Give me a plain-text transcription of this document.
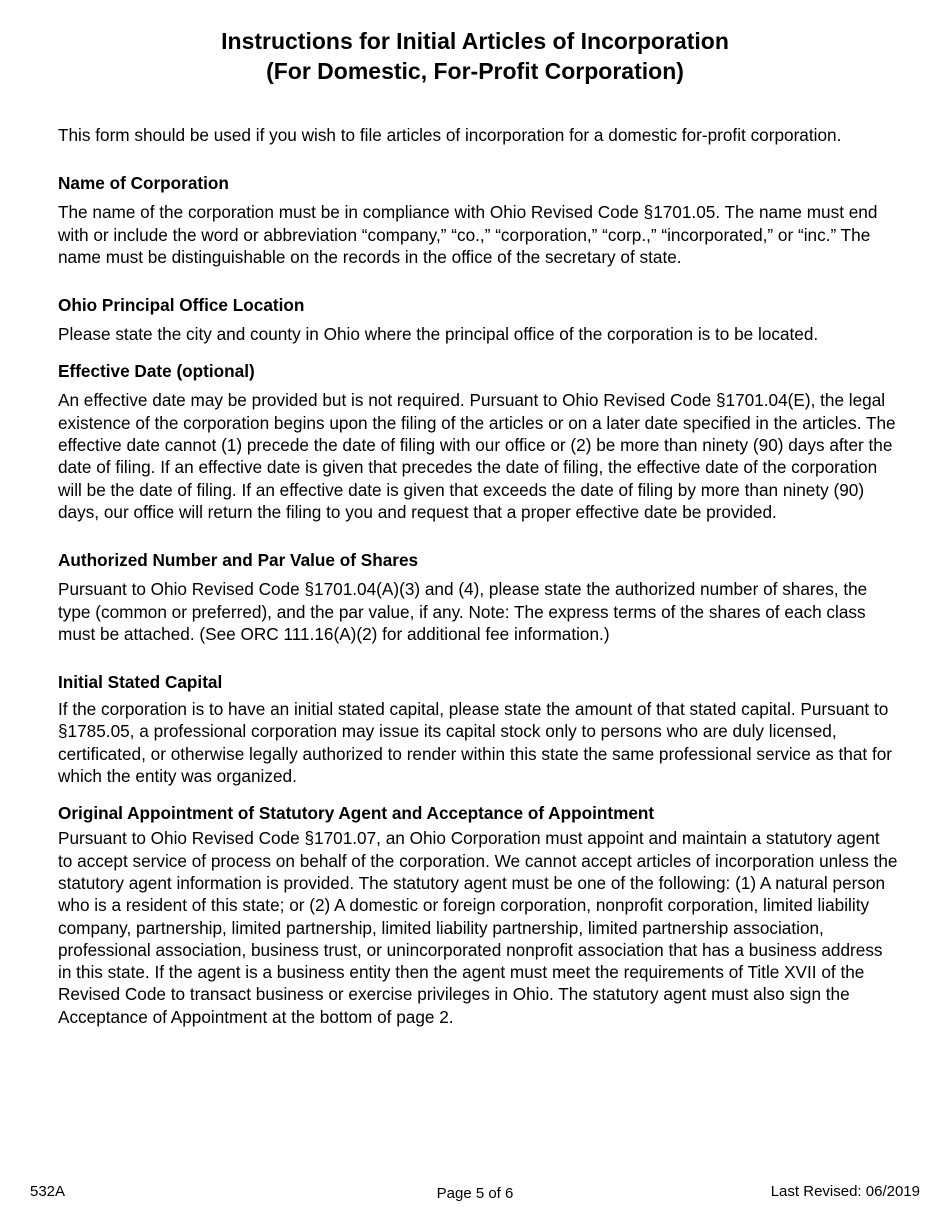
Instructions for Initial Articles of Incorporation
(For Domestic, For-Profit Corporation)

This form should be used if you wish to file articles of incorporation for a domestic for-profit corporation.

Name of Corporation

The name of the corporation must be in compliance with Ohio Revised Code §1701.05. The name must end with or include the word or abbreviation “company,” “co.,” “corporation,” “corp.,” “incorporated,” or “inc.” The name must be distinguishable on the records in the office of the secretary of state.

Ohio Principal Office Location

Please state the city and county in Ohio where the principal office of the corporation is to be located.

Effective Date (optional)

An effective date may be provided but is not required. Pursuant to Ohio Revised Code §1701.04(E), the legal existence of the corporation begins upon the filing of the articles or on a later date specified in the articles. The effective date cannot (1) precede the date of filing with our office or (2) be more than ninety (90) days after the date of filing. If an effective date is given that precedes the date of filing, the effective date of the corporation will be the date of filing. If an effective date is given that exceeds the date of filing by more than ninety (90) days, our office will return the filing to you and request that a proper effective date be provided.

Authorized Number and Par Value of Shares

Pursuant to Ohio Revised Code §1701.04(A)(3) and (4), please state the authorized number of shares, the type (common or preferred), and the par value, if any. Note: The express terms of the shares of each class must be attached. (See ORC 111.16(A)(2) for additional fee information.)

Initial Stated Capital

If the corporation is to have an initial stated capital, please state the amount of that stated capital. Pursuant to §1785.05, a professional corporation may issue its capital stock only to persons who are duly licensed, certificated, or otherwise legally authorized to render within this state the same professional service as that for which the entity was organized.

Original Appointment of Statutory Agent and Acceptance of Appointment

Pursuant to Ohio Revised Code §1701.07, an Ohio Corporation must appoint and maintain a statutory agent to accept service of process on behalf of the corporation. We cannot accept articles of incorporation unless the statutory agent information is provided. The statutory agent must be one of the following: (1) A natural person who is a resident of this state; or (2) A domestic or foreign corporation, nonprofit corporation, limited liability company, partnership, limited partnership, limited liability partnership, limited partnership association, professional association, business trust, or unincorporated nonprofit association that has a business address in this state. If the agent is a business entity then the agent must meet the requirements of Title XVII of the Revised Code to transact business or exercise privileges in Ohio. The statutory agent must also sign the Acceptance of Appointment at the bottom of page 2.

532A	Page 5 of 6	Last Revised: 06/2019
